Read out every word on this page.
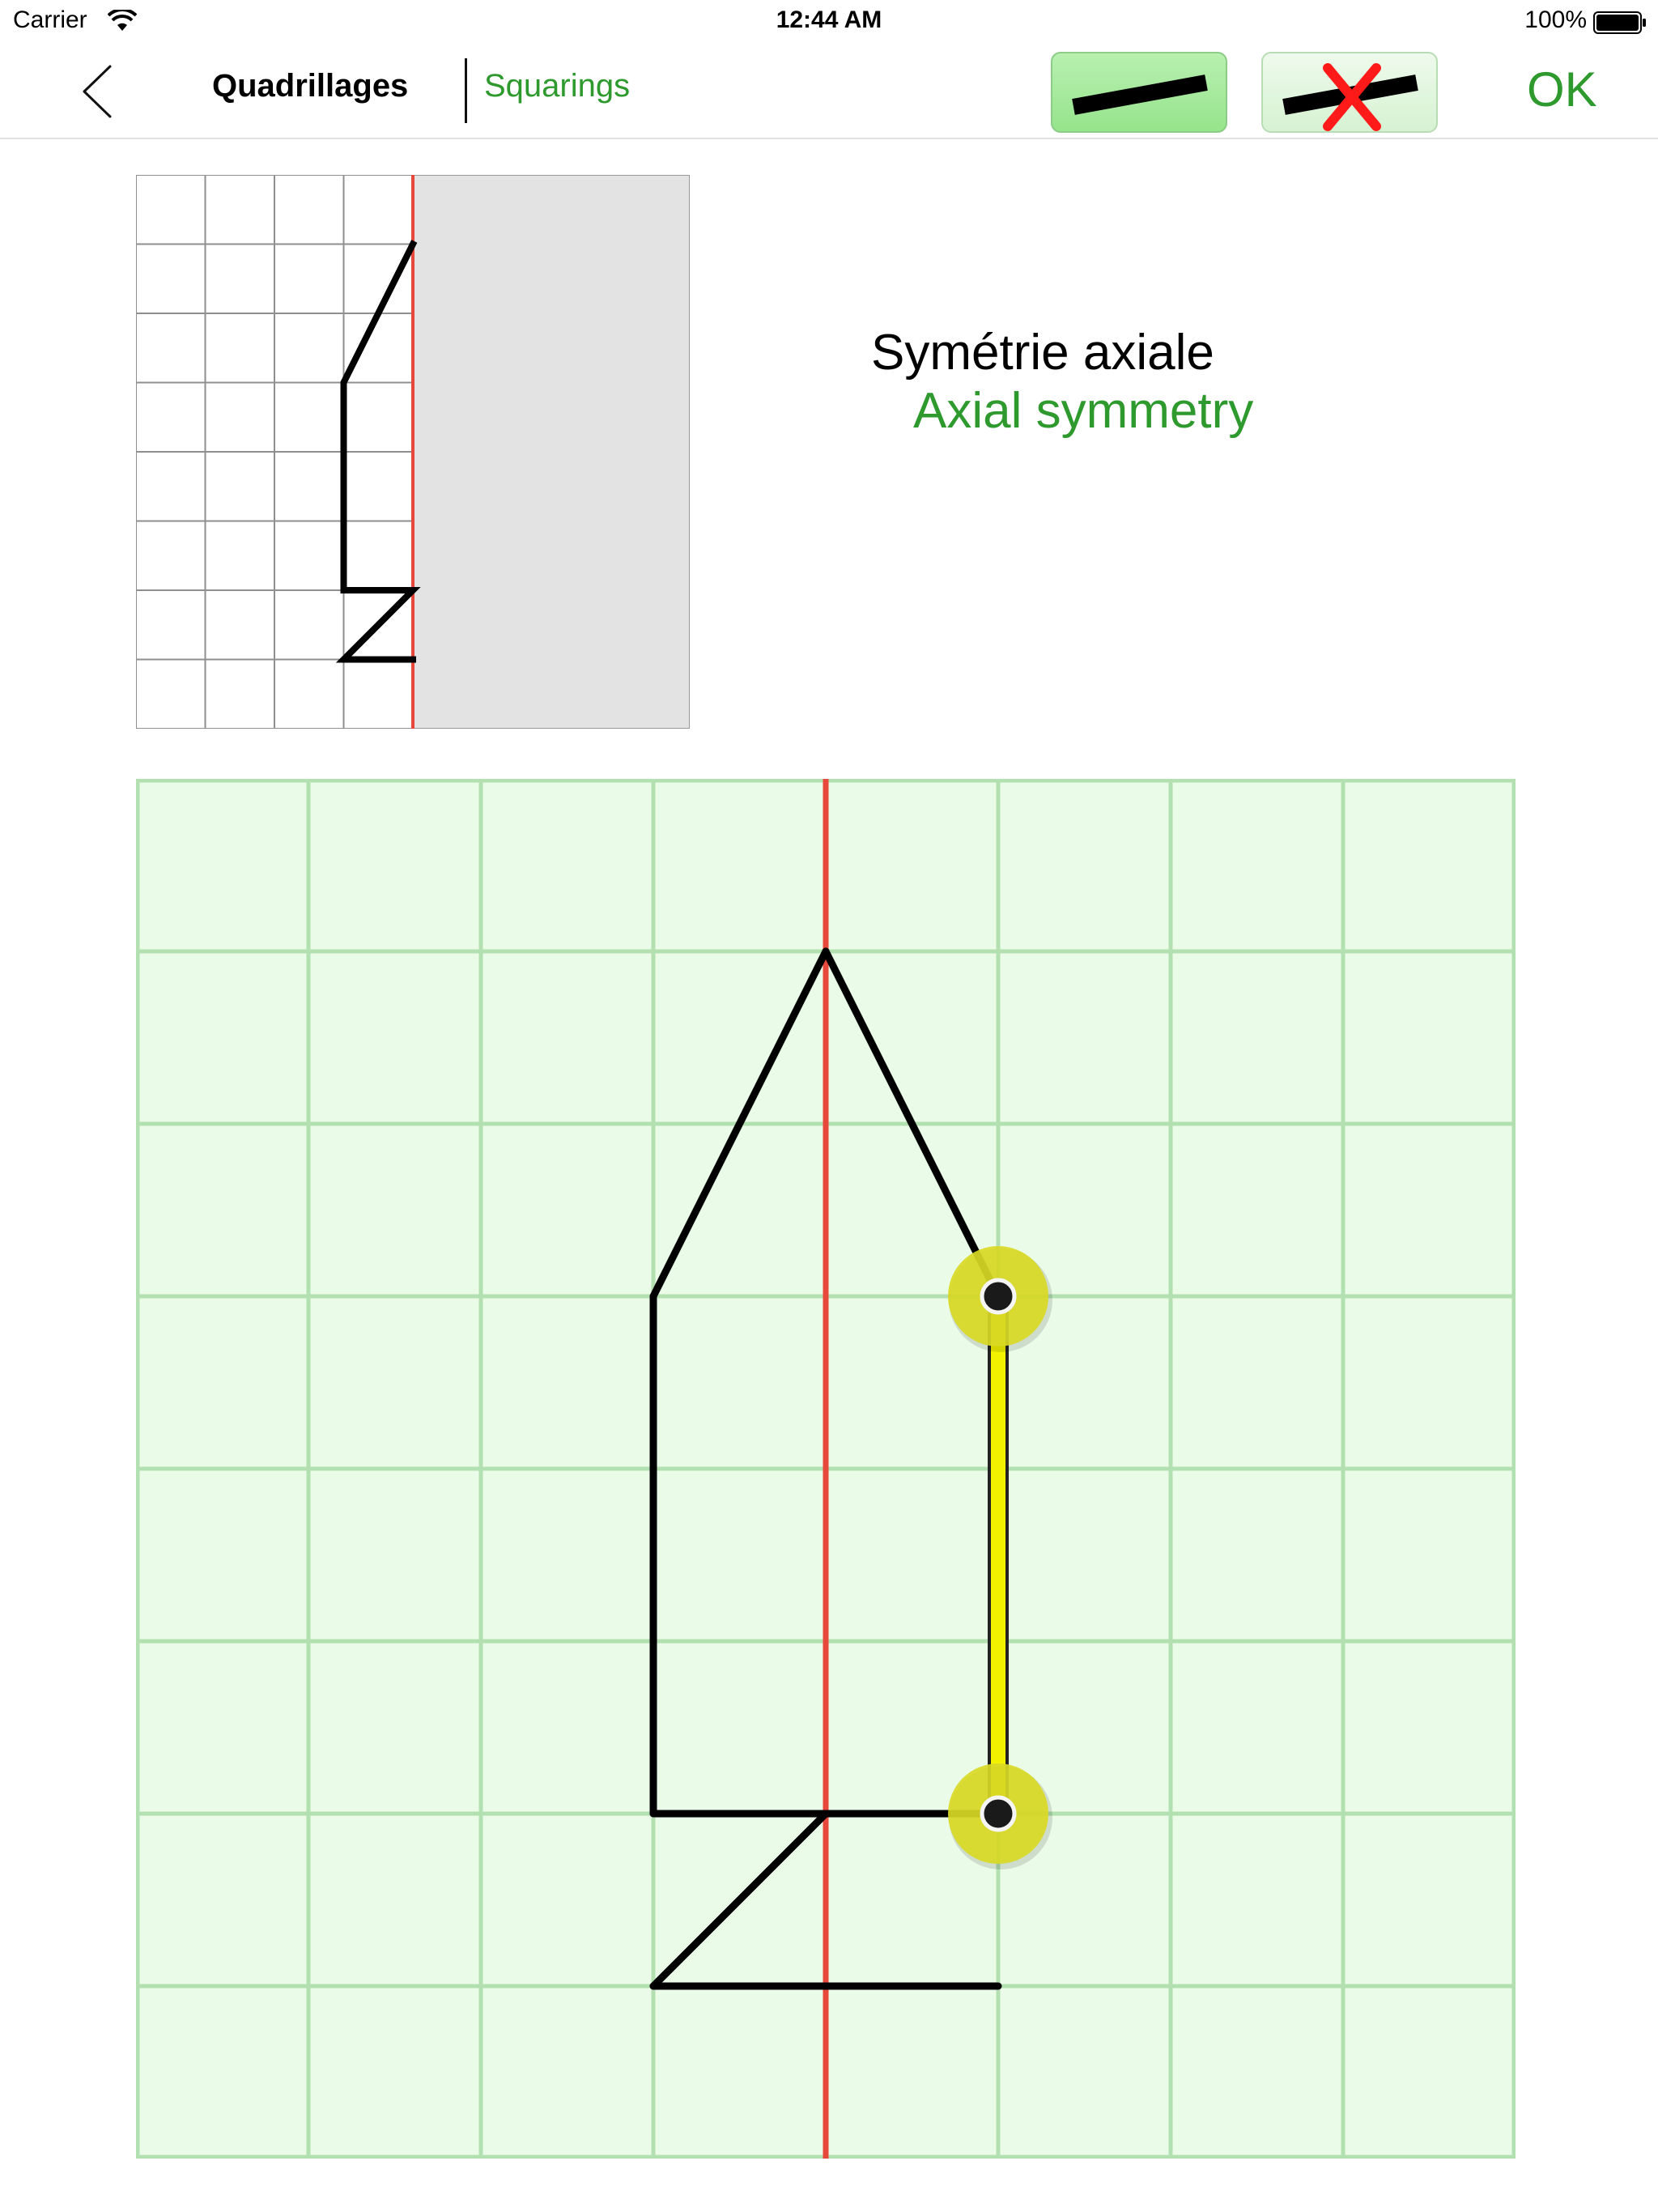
Carrier	12:44 AM	100%
Quadrillages Squarings	OK
Symétrie axiale
Axial symmetry
